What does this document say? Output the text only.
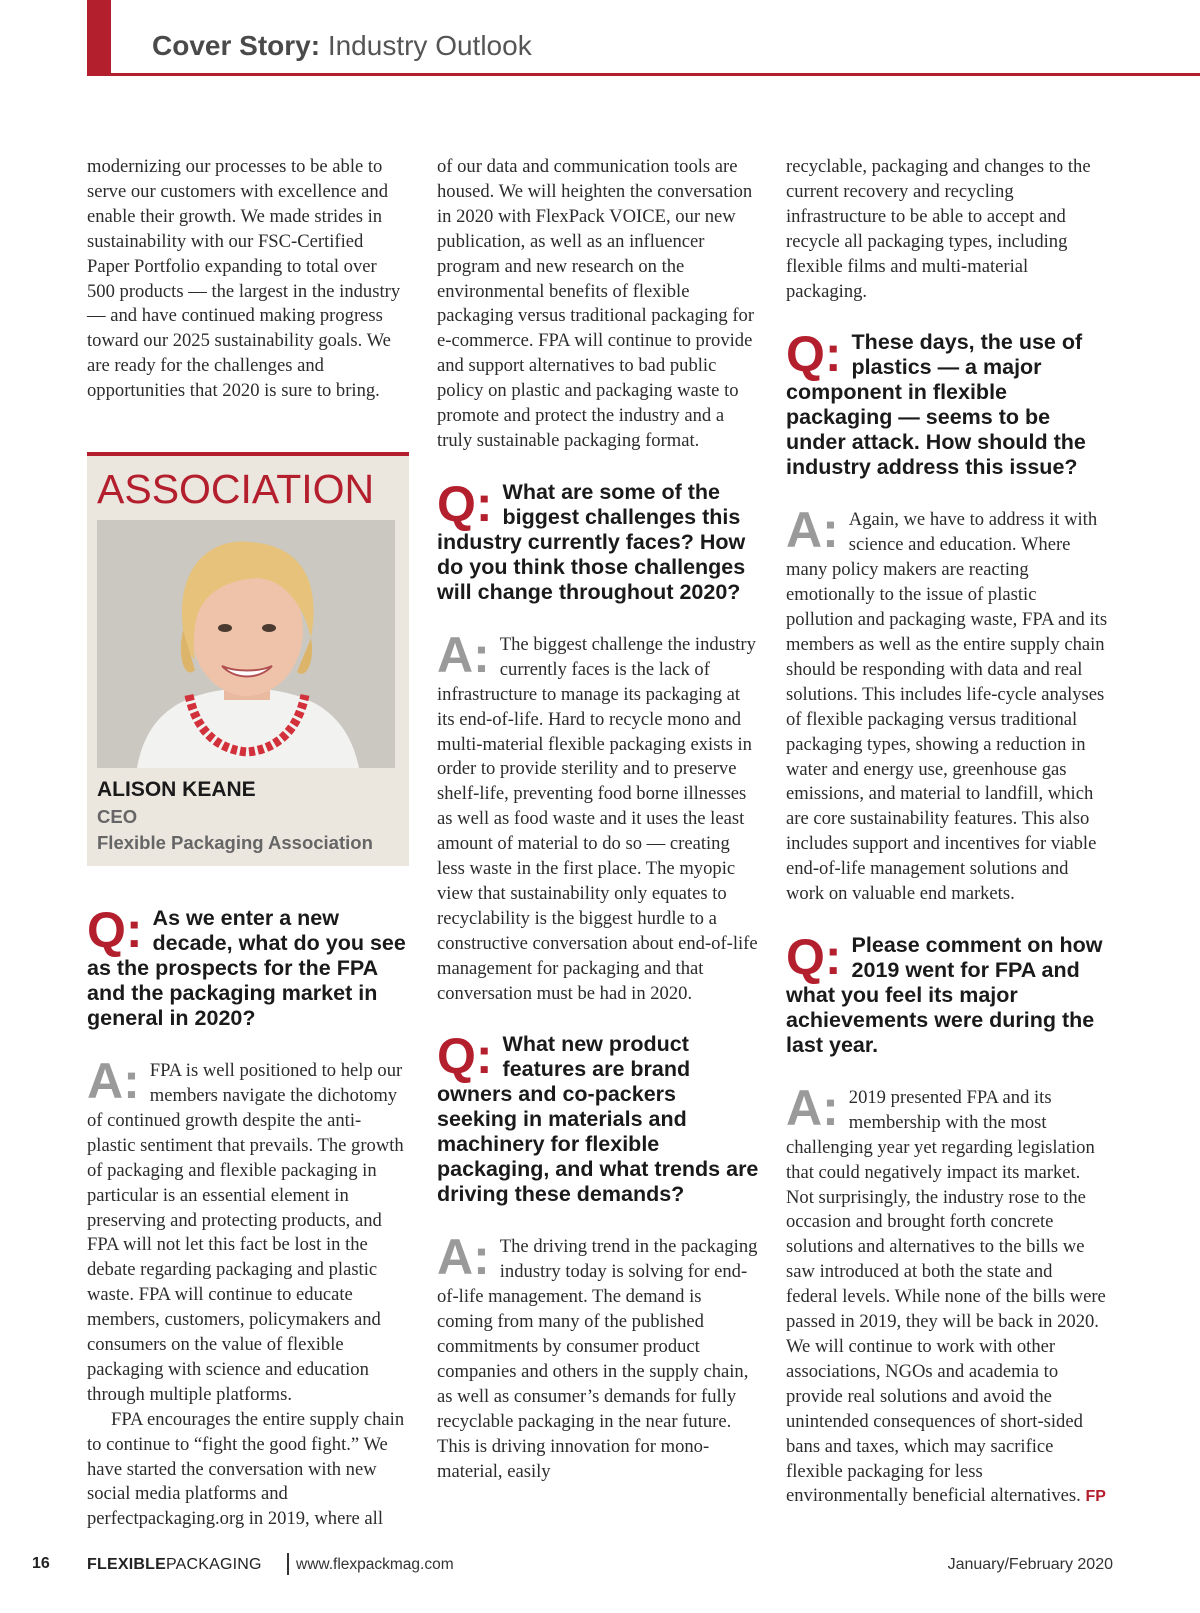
Cover Story: Industry Outlook

modernizing our processes to be able to serve our customers with excellence and enable their growth. We made strides in sustainability with our FSC-Certified Paper Portfolio expanding to total over 500 products — the largest in the industry — and have continued making progress toward our 2025 sustainability goals. We are ready for the challenges and opportunities that 2020 is sure to bring.

ASSOCIATION
ALISON KEANE
CEO
Flexible Packaging Association
Q: As we enter a new decade, what do you see as the prospects for the FPA and the packaging market in general in 2020?

A: FPA is well positioned to help our members navigate the dichotomy of continued growth despite the anti-plastic sentiment that prevails. The growth of packaging and flexible packaging in particular is an essential element in preserving and protecting products, and FPA will not let this fact be lost in the debate regarding packaging and plastic waste. FPA will continue to educate members, customers, policymakers and consumers on the value of flexible packaging with science and education through multiple platforms.

FPA encourages the entire supply chain to continue to “fight the good fight.” We have started the conversation with new social media platforms and perfectpackaging.org in 2019, where all

of our data and communication tools are housed. We will heighten the conversation in 2020 with FlexPack VOICE, our new publication, as well as an influencer program and new research on the environmental benefits of flexible packaging versus traditional packaging for e-commerce. FPA will continue to provide and support alternatives to bad public policy on plastic and packaging waste to promote and protect the industry and a truly sustainable packaging format.

Q: What are some of the biggest challenges this industry currently faces? How do you think those challenges will change throughout 2020?

A: The biggest challenge the industry currently faces is the lack of infrastructure to manage its packaging at its end-of-life. Hard to recycle mono and multi-material flexible packaging exists in order to provide sterility and to preserve shelf-life, preventing food borne illnesses as well as food waste and it uses the least amount of material to do so — creating less waste in the first place. The myopic view that sustainability only equates to recyclability is the biggest hurdle to a constructive conversation about end-of-life management for packaging and that conversation must be had in 2020.

Q: What new product features are brand owners and co-packers seeking in materials and machinery for flexible packaging, and what trends are driving these demands?

A: The driving trend in the packaging industry today is solving for end-of-life management. The demand is coming from many of the published commitments by consumer product companies and others in the supply chain, as well as consumer’s demands for fully recyclable packaging in the near future. This is driving innovation for mono-material, easily

recyclable, packaging and changes to the current recovery and recycling infrastructure to be able to accept and recycle all packaging types, including flexible films and multi-material packaging.

Q: These days, the use of plastics — a major component in flexible packaging — seems to be under attack. How should the industry address this issue?

A: Again, we have to address it with science and education. Where many policy makers are reacting emotionally to the issue of plastic pollution and packaging waste, FPA and its members as well as the entire supply chain should be responding with data and real solutions. This includes life-cycle analyses of flexible packaging versus traditional packaging types, showing a reduction in water and energy use, greenhouse gas emissions, and material to landfill, which are core sustainability features. This also includes support and incentives for viable end-of-life management solutions and work on valuable end markets.

Q: Please comment on how 2019 went for FPA and what you feel its major achievements were during the last year.

A: 2019 presented FPA and its membership with the most challenging year yet regarding legislation that could negatively impact its market. Not surprisingly, the industry rose to the occasion and brought forth concrete solutions and alternatives to the bills we saw introduced at both the state and federal levels. While none of the bills were passed in 2019, they will be back in 2020. We will continue to work with other associations, NGOs and academia to provide real solutions and avoid the unintended consequences of short-sided bans and taxes, which may sacrifice flexible packaging for less environmentally beneficial alternatives. FP

16 FLEXIBLEPACKAGING www.flexpackmag.com	January/February 2020
